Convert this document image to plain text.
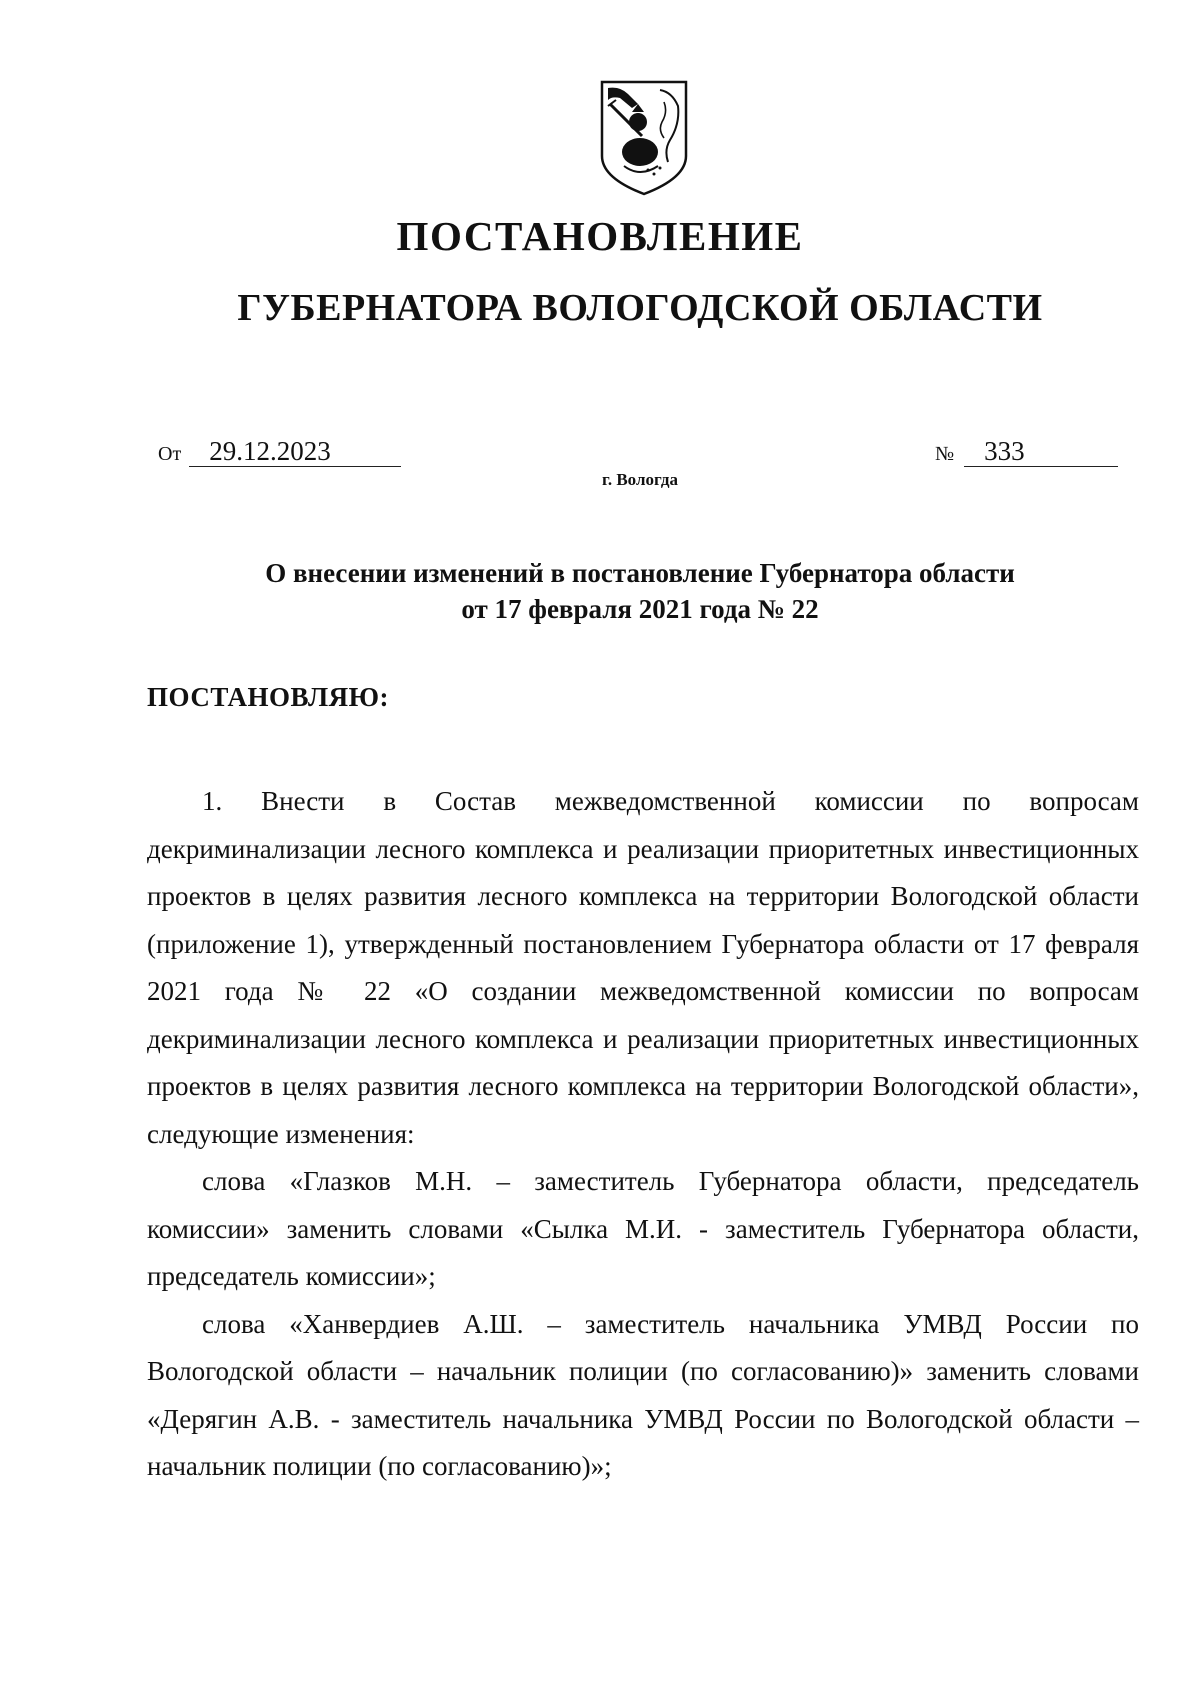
ПОСТАНОВЛЕНИЕ
ГУБЕРНАТОРА ВОЛОГОДСКОЙ ОБЛАСТИ
От 29.12.2023	№ 333
г. Вологда
О внесении изменений в постановление Губернатора области
от 17 февраля 2021 года № 22
ПОСТАНОВЛЯЮ:

1. Внести в Состав межведомственной комиссии по вопросам декриминализации лесного комплекса и реализации приоритетных инвестиционных проектов в целях развития лесного комплекса на территории Вологодской области (приложение 1), утвержденный постановлением Губернатора области от 17 февраля 2021 года № 22 «О создании межведомственной комиссии по вопросам декриминализации лесного комплекса и реализации приоритетных инвестиционных проектов в целях развития лесного комплекса на территории Вологодской области», следующие изменения:

слова «Глазков М.Н. – заместитель Губернатора области, председатель комиссии» заменить словами «Сылка М.И. - заместитель Губернатора области, председатель комиссии»;

слова «Ханвердиев А.Ш. – заместитель начальника УМВД России по Вологодской области – начальник полиции (по согласованию)» заменить словами «Дерягин А.В. - заместитель начальника УМВД России по Вологодской области – начальник полиции (по согласованию)»;
